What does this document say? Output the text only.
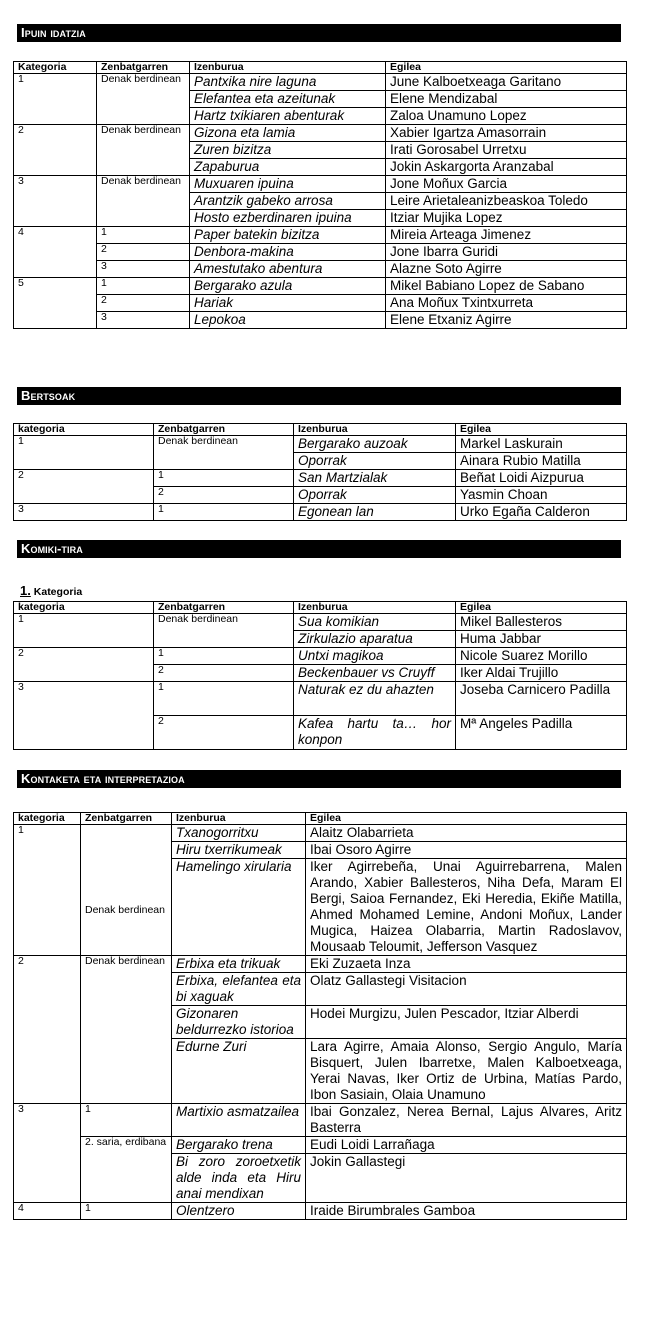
Ipuin idatzia
Kategoria	Zenbatgarren	Izenburua	Egilea
1	Denak berdinean	Pantxika nire laguna	June Kalboetxeaga Garitano
		Elefantea eta azeitunak	Elene Mendizabal
		Hartz txikiaren abenturak	Zaloa Unamuno Lopez
2	Denak berdinean	Gizona eta lamia	Xabier Igartza Amasorrain
		Zuren bizitza	Irati Gorosabel Urretxu
		Zapaburua	Jokin Askargorta Aranzabal
3	Denak berdinean	Muxuaren ipuina	Jone Moñux Garcia
		Arantzik gabeko arrosa	Leire Arietaleanizbeaskoa Toledo
		Hosto ezberdinaren ipuina	Itziar Mujika Lopez
4	1	Paper batekin bizitza	Mireia Arteaga Jimenez
	2	Denbora-makina	Jone Ibarra Guridi
	3	Amestutako abentura	Alazne Soto Agirre
5	1	Bergarako azula	Mikel Babiano Lopez de Sabano
	2	Hariak	Ana Moñux Txintxurreta
	3	Lepokoa	Elene Etxaniz Agirre
Bertsoak
kategoria	Zenbatgarren	Izenburua	Egilea
1	Denak berdinean	Bergarako auzoak	Markel Laskurain
		Oporrak	Ainara Rubio Matilla
2	1	San Martzialak	Beñat Loidi Aizpurua
	2	Oporrak	Yasmin Choan
3	1	Egonean lan	Urko Egaña Calderon
Komiki-tira
1. Kategoria
kategoria	Zenbatgarren	Izenburua	Egilea
1	Denak berdinean	Sua komikian	Mikel Ballesteros
		Zirkulazio aparatua	Huma Jabbar
2	1	Untxi magikoa	Nicole Suarez Morillo
	2	Beckenbauer vs Cruyff	Iker Aldai Trujillo
3	1	Naturak ez du ahazten	Joseba Carnicero Padilla
	2	Kafea hartu ta… hor konpon	Mª Angeles Padilla
Kontaketa eta interpretazioa
kategoria	Zenbatgarren	Izenburua	Egilea
1	Denak berdinean	Txanogorritxu	Alaitz Olabarrieta
		Hiru txerrikumeak	Ibai Osoro Agirre
		Hamelingo xirularia	Iker Agirrebeña, Unai Aguirrebarrena, Malen Arando, Xabier Ballesteros, Niha Defa, Maram El Bergi, Saioa Fernandez, Eki Heredia, Ekiñe Matilla, Ahmed Mohamed Lemine, Andoni Moñux, Lander Mugica, Haizea Olabarria, Martin Radoslavov, Mousaab Teloumit, Jefferson Vasquez
2	Denak berdinean	Erbixa eta trikuak	Eki Zuzaeta Inza
		Erbixa, elefantea eta bi xaguak	Olatz Gallastegi Visitacion
		Gizonaren beldurrezko istorioa	Hodei Murgizu, Julen Pescador, Itziar Alberdi
		Edurne Zuri	Lara Agirre, Amaia Alonso, Sergio Angulo, María Bisquert, Julen Ibarretxe, Malen Kalboetxeaga, Yerai Navas, Iker Ortiz de Urbina, Matías Pardo, Ibon Sasiain, Olaia Unamuno
3	1	Martixio asmatzailea	Ibai Gonzalez, Nerea Bernal, Lajus Alvares, Aritz Basterra
	2. saria, erdibana	Bergarako trena	Eudi Loidi Larrañaga
		Bi zoro zoroetxetik alde inda eta Hiru anai mendixan	Jokin Gallastegi
4	1	Olentzero	Iraide Birumbrales Gamboa
